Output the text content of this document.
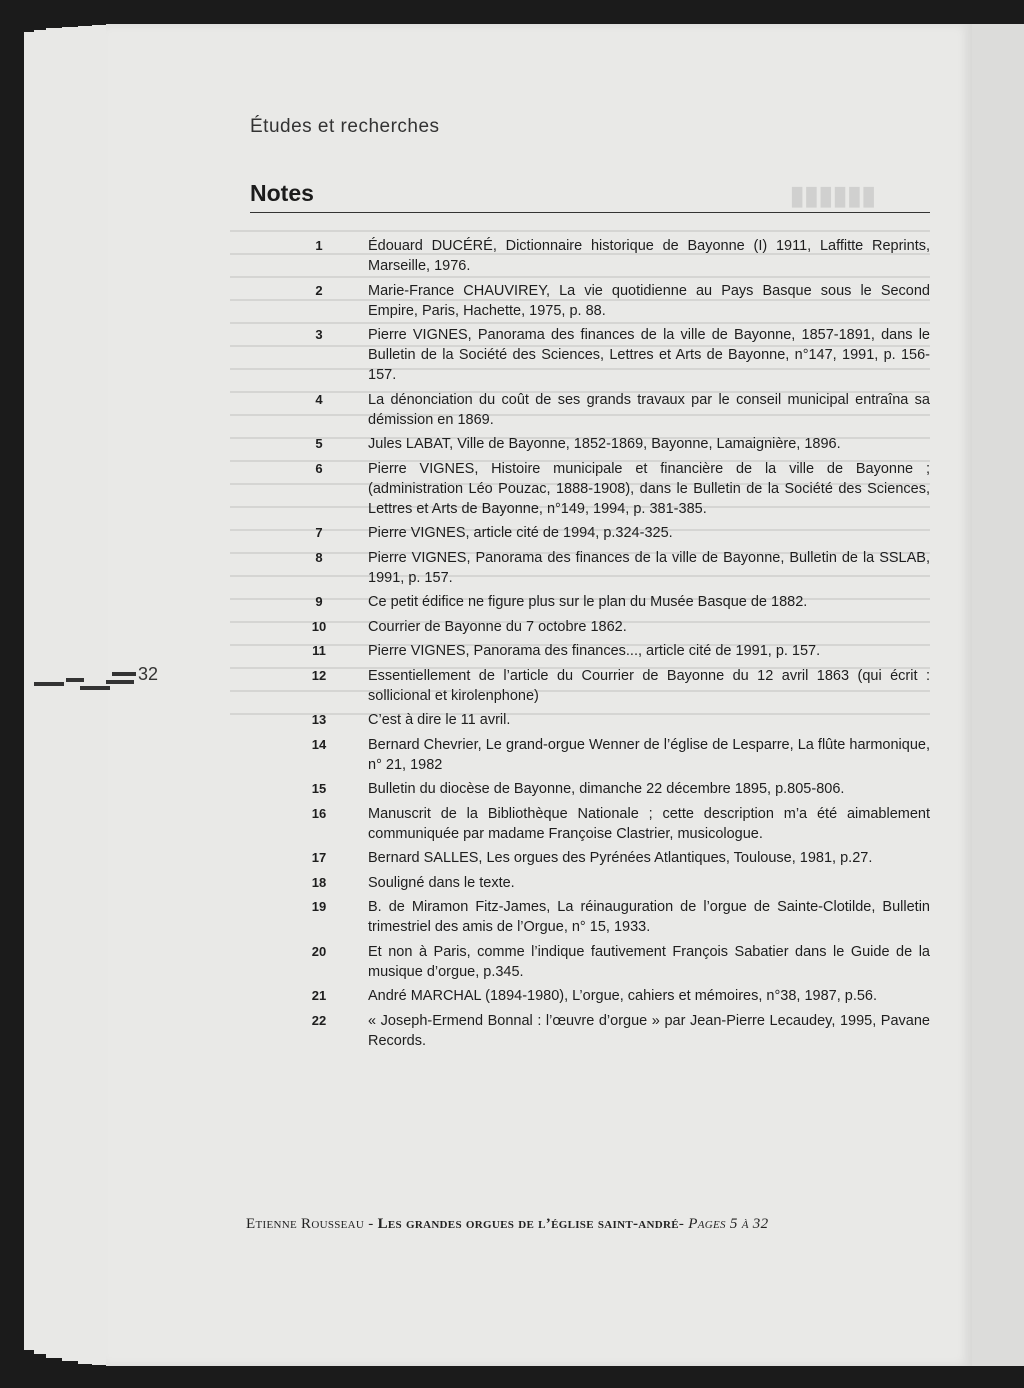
Études et recherches
Notes
1	Édouard DUCÉRÉ, Dictionnaire historique de Bayonne (I) 1911, Laffitte Reprints, Marseille, 1976.
2	Marie-France CHAUVIREY, La vie quotidienne au Pays Basque sous le Second Empire, Paris, Hachette, 1975, p. 88.
3	Pierre VIGNES, Panorama des finances de la ville de Bayonne, 1857-1891, dans le Bulletin de la Société des Sciences, Lettres et Arts de Bayonne, n°147, 1991, p. 156-157.
4	La dénonciation du coût de ses grands travaux par le conseil municipal entraîna sa démission en 1869.
5	Jules LABAT, Ville de Bayonne, 1852-1869, Bayonne, Lamaignière, 1896.
6	Pierre VIGNES, Histoire municipale et financière de la ville de Bayonne ; (administration Léo Pouzac, 1888-1908), dans le Bulletin de la Société des Sciences, Lettres et Arts de Bayonne, n°149, 1994, p. 381-385.
7	Pierre VIGNES, article cité de 1994, p.324-325.
8	Pierre VIGNES, Panorama des finances de la ville de Bayonne, Bulletin de la SSLAB, 1991, p. 157.
9	Ce petit édifice ne figure plus sur le plan du Musée Basque de 1882.
10	Courrier de Bayonne du 7 octobre 1862.
11	Pierre VIGNES, Panorama des finances..., article cité de 1991, p. 157.
12	Essentiellement de l’article du Courrier de Bayonne du 12 avril 1863 (qui écrit : sollicional et kirolenphone)
13	C’est à dire le 11 avril.
14	Bernard Chevrier, Le grand-orgue Wenner de l’église de Lesparre, La flûte harmonique, n° 21, 1982
15	Bulletin du diocèse de Bayonne, dimanche 22 décembre 1895, p.805-806.
16	Manuscrit de la Bibliothèque Nationale ; cette description m’a été aimablement communiquée par madame Françoise Clastrier, musicologue.
17	Bernard SALLES, Les orgues des Pyrénées Atlantiques, Toulouse, 1981, p.27.
18	Souligné dans le texte.
19	B. de Miramon Fitz-James, La réinauguration de l’orgue de Sainte-Clotilde, Bulletin trimestriel des amis de l’Orgue, n° 15, 1933.
20	Et non à Paris, comme l’indique fautivement François Sabatier dans le Guide de la musique d’orgue, p.345.
21	André MARCHAL (1894-1980), L’orgue, cahiers et mémoires, n°38, 1987, p.56.
22	« Joseph-Ermend Bonnal : l’œuvre d’orgue » par Jean-Pierre Lecaudey, 1995, Pavane Records.
32
Etienne Rousseau - Les grandes orgues de l’église saint-andré- Pages 5 à 32
